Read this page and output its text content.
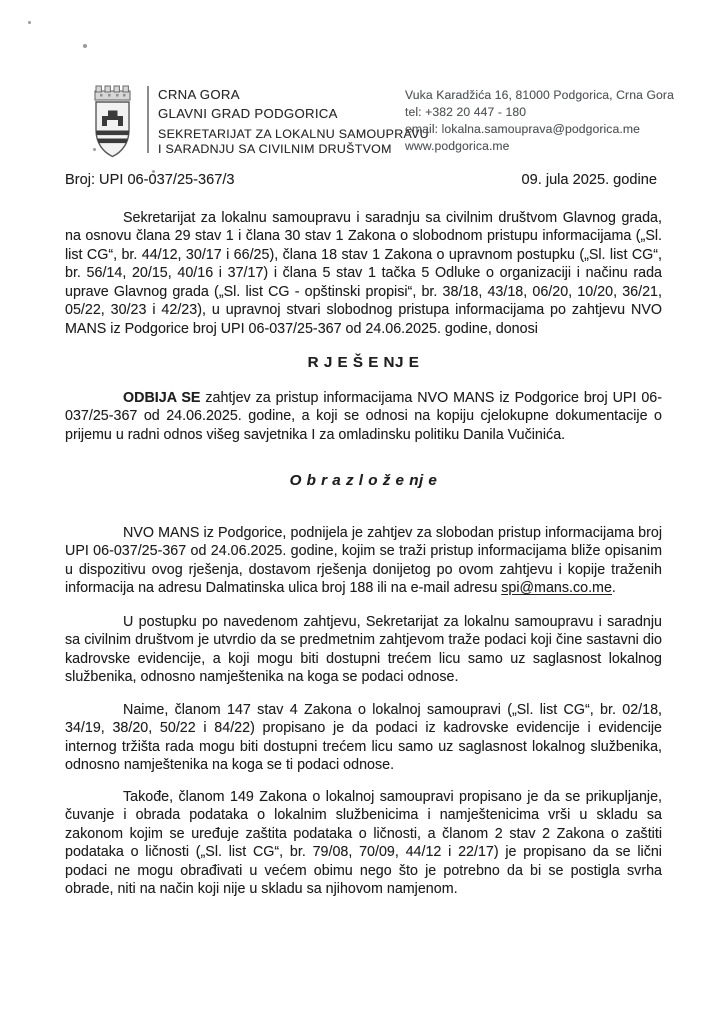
CRNA GORA
GLAVNI GRAD PODGORICA
SEKRETARIJAT ZA LOKALNU SAMOUPRAVU
I SARADNJU SA CIVILNIM DRUŠTVOM
Vuka Karadžića 16, 81000 Podgorica, Crna Gora
tel: +382 20 447 - 180
email: lokalna.samouprava@podgorica.me
www.podgorica.me
Broj: UPI 06-037/25-367/3	09. jula 2025. godine

Sekretarijat za lokalnu samoupravu i saradnju sa civilnim društvom Glavnog grada, na osnovu člana 29 stav 1 i člana 30 stav 1 Zakona o slobodnom pristupu informacijama („Sl. list CG“, br. 44/12, 30/17 i 66/25), člana 18 stav 1 Zakona o upravnom postupku („Sl. list CG“, br. 56/14, 20/15, 40/16 i 37/17) i člana 5 stav 1 tačka 5 Odluke o organizaciji i načinu rada uprave Glavnog grada („Sl. list CG - opštinski propisi“, br. 38/18, 43/18, 06/20, 10/20, 36/21, 05/22, 30/23 i 42/23), u upravnoj stvari slobodnog pristupa informacijama po zahtjevu NVO MANS iz Podgorice broj UPI 06-037/25-367 od 24.06.2025. godine, donosi

R J E Š E NJ E

ODBIJA SE zahtjev za pristup informacijama NVO MANS iz Podgorice broj UPI 06-037/25-367 od 24.06.2025. godine, a koji se odnosi na kopiju cjelokupne dokumentacije o prijemu u radni odnos višeg savjetnika I za omladinsku politiku Danila Vučinića.

O b r a z l o ž e nj e

NVO MANS iz Podgorice, podnijela je zahtjev za slobodan pristup informacijama broj UPI 06-037/25-367 od 24.06.2025. godine, kojim se traži pristup informacijama bliže opisanim u dispozitivu ovog rješenja, dostavom rješenja donijetog po ovom zahtjevu i kopije traženih informacija na adresu Dalmatinska ulica broj 188 ili na e-mail adresu spi@mans.co.me.

U postupku po navedenom zahtjevu, Sekretarijat za lokalnu samoupravu i saradnju sa civilnim društvom je utvrdio da se predmetnim zahtjevom traže podaci koji čine sastavni dio kadrovske evidencije, a koji mogu biti dostupni trećem licu samo uz saglasnost lokalnog službenika, odnosno namještenika na koga se podaci odnose.

Naime, članom 147 stav 4 Zakona o lokalnoj samoupravi („Sl. list CG“, br. 02/18, 34/19, 38/20, 50/22 i 84/22) propisano je da podaci iz kadrovske evidencije i evidencije internog tržišta rada mogu biti dostupni trećem licu samo uz saglasnost lokalnog službenika, odnosno namještenika na koga se ti podaci odnose.

Takođe, članom 149 Zakona o lokalnoj samoupravi propisano je da se prikupljanje, čuvanje i obrada podataka o lokalnim službenicima i namještenicima vrši u skladu sa zakonom kojim se uređuje zaštita podataka o ličnosti, a članom 2 stav 2 Zakona o zaštiti podataka o ličnosti („Sl. list CG“, br. 79/08, 70/09, 44/12 i 22/17) je propisano da se lični podaci ne mogu obrađivati u većem obimu nego što je potrebno da bi se postigla svrha obrade, niti na način koji nije u skladu sa njihovom namjenom.
